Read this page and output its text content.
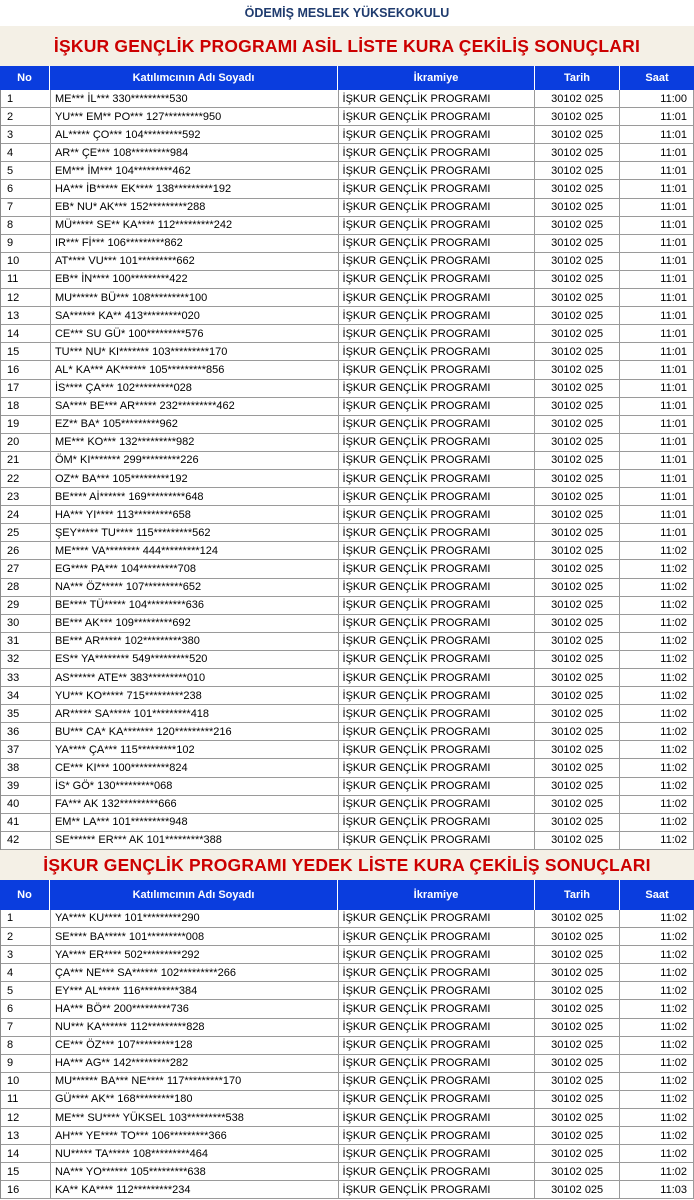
ÖDEMİŞ MESLEK YÜKSEKOKULU
İŞKUR GENÇLİK PROGRAMI ASİL LİSTE KURA ÇEKİLİŞ SONUÇLARI
No	Katılımcının Adı Soyadı	İkramiye	Tarih	Saat
1	ME*** İL*** 330*********530	İŞKUR GENÇLİK PROGRAMI	30102 025	11:00
2	YU*** EM** PO*** 127*********950	İŞKUR GENÇLİK PROGRAMI	30102 025	11:01
3	AL***** ÇO*** 104*********592	İŞKUR GENÇLİK PROGRAMI	30102 025	11:01
4	AR** ÇE*** 108*********984	İŞKUR GENÇLİK PROGRAMI	30102 025	11:01
5	EM*** İM*** 104*********462	İŞKUR GENÇLİK PROGRAMI	30102 025	11:01
6	HA*** İB***** EK**** 138*********192	İŞKUR GENÇLİK PROGRAMI	30102 025	11:01
7	EB* NU* AK*** 152*********288	İŞKUR GENÇLİK PROGRAMI	30102 025	11:01
8	MÜ***** SE** KA**** 112*********242	İŞKUR GENÇLİK PROGRAMI	30102 025	11:01
9	IR*** Fİ*** 106*********862	İŞKUR GENÇLİK PROGRAMI	30102 025	11:01
10	AT**** VU*** 101*********662	İŞKUR GENÇLİK PROGRAMI	30102 025	11:01
11	EB** İN**** 100*********422	İŞKUR GENÇLİK PROGRAMI	30102 025	11:01
12	MU****** BÜ*** 108*********100	İŞKUR GENÇLİK PROGRAMI	30102 025	11:01
13	SA****** KA** 413*********020	İŞKUR GENÇLİK PROGRAMI	30102 025	11:01
14	CE*** SU GÜ* 100*********576	İŞKUR GENÇLİK PROGRAMI	30102 025	11:01
15	TU*** NU* KI******* 103*********170	İŞKUR GENÇLİK PROGRAMI	30102 025	11:01
16	AL* KA*** AK****** 105*********856	İŞKUR GENÇLİK PROGRAMI	30102 025	11:01
17	İS**** ÇA*** 102*********028	İŞKUR GENÇLİK PROGRAMI	30102 025	11:01
18	SA**** BE*** AR***** 232*********462	İŞKUR GENÇLİK PROGRAMI	30102 025	11:01
19	EZ** BA* 105*********962	İŞKUR GENÇLİK PROGRAMI	30102 025	11:01
20	ME*** KO*** 132*********982	İŞKUR GENÇLİK PROGRAMI	30102 025	11:01
21	ÖM* KI******* 299*********226	İŞKUR GENÇLİK PROGRAMI	30102 025	11:01
22	OZ** BA*** 105*********192	İŞKUR GENÇLİK PROGRAMI	30102 025	11:01
23	BE**** Aİ****** 169*********648	İŞKUR GENÇLİK PROGRAMI	30102 025	11:01
24	HA*** YI**** 113*********658	İŞKUR GENÇLİK PROGRAMI	30102 025	11:01
25	ŞEY***** TU**** 115*********562	İŞKUR GENÇLİK PROGRAMI	30102 025	11:01
26	ME**** VA******** 444*********124	İŞKUR GENÇLİK PROGRAMI	30102 025	11:02
27	EG**** PA*** 104*********708	İŞKUR GENÇLİK PROGRAMI	30102 025	11:02
28	NA*** ÖZ***** 107*********652	İŞKUR GENÇLİK PROGRAMI	30102 025	11:02
29	BE**** TÜ***** 104*********636	İŞKUR GENÇLİK PROGRAMI	30102 025	11:02
30	BE*** AK*** 109*********692	İŞKUR GENÇLİK PROGRAMI	30102 025	11:02
31	BE*** AR***** 102*********380	İŞKUR GENÇLİK PROGRAMI	30102 025	11:02
32	ES** YA******** 549*********520	İŞKUR GENÇLİK PROGRAMI	30102 025	11:02
33	AS****** ATE** 383*********010	İŞKUR GENÇLİK PROGRAMI	30102 025	11:02
34	YU*** KO***** 715*********238	İŞKUR GENÇLİK PROGRAMI	30102 025	11:02
35	AR***** SA***** 101*********418	İŞKUR GENÇLİK PROGRAMI	30102 025	11:02
36	BU*** CA* KA******* 120*********216	İŞKUR GENÇLİK PROGRAMI	30102 025	11:02
37	YA**** ÇA*** 115*********102	İŞKUR GENÇLİK PROGRAMI	30102 025	11:02
38	CE*** KI*** 100*********824	İŞKUR GENÇLİK PROGRAMI	30102 025	11:02
39	İS* GÖ* 130*********068	İŞKUR GENÇLİK PROGRAMI	30102 025	11:02
40	FA*** AK 132*********666	İŞKUR GENÇLİK PROGRAMI	30102 025	11:02
41	EM** LA*** 101*********948	İŞKUR GENÇLİK PROGRAMI	30102 025	11:02
42	SE****** ER*** AK 101*********388	İŞKUR GENÇLİK PROGRAMI	30102 025	11:02
İŞKUR GENÇLİK PROGRAMI YEDEK LİSTE KURA ÇEKİLİŞ SONUÇLARI
No	Katılımcının Adı Soyadı	İkramiye	Tarih	Saat
1	YA**** KU**** 101*********290	İŞKUR GENÇLİK PROGRAMI	30102 025	11:02
2	SE**** BA***** 101*********008	İŞKUR GENÇLİK PROGRAMI	30102 025	11:02
3	YA**** ER**** 502*********292	İŞKUR GENÇLİK PROGRAMI	30102 025	11:02
4	ÇA*** NE*** SA****** 102*********266	İŞKUR GENÇLİK PROGRAMI	30102 025	11:02
5	EY*** AL***** 116*********384	İŞKUR GENÇLİK PROGRAMI	30102 025	11:02
6	HA*** BÖ** 200*********736	İŞKUR GENÇLİK PROGRAMI	30102 025	11:02
7	NU*** KA****** 112*********828	İŞKUR GENÇLİK PROGRAMI	30102 025	11:02
8	CE*** ÖZ*** 107*********128	İŞKUR GENÇLİK PROGRAMI	30102 025	11:02
9	HA*** AG** 142*********282	İŞKUR GENÇLİK PROGRAMI	30102 025	11:02
10	MU****** BA*** NE**** 117*********170	İŞKUR GENÇLİK PROGRAMI	30102 025	11:02
11	GÜ**** AK** 168*********180	İŞKUR GENÇLİK PROGRAMI	30102 025	11:02
12	ME*** SU**** YÜKSEL 103*********538	İŞKUR GENÇLİK PROGRAMI	30102 025	11:02
13	AH*** YE**** TO*** 106*********366	İŞKUR GENÇLİK PROGRAMI	30102 025	11:02
14	NU***** TA***** 108*********464	İŞKUR GENÇLİK PROGRAMI	30102 025	11:02
15	NA*** YO****** 105*********638	İŞKUR GENÇLİK PROGRAMI	30102 025	11:02
16	KA** KA**** 112*********234	İŞKUR GENÇLİK PROGRAMI	30102 025	11:03
